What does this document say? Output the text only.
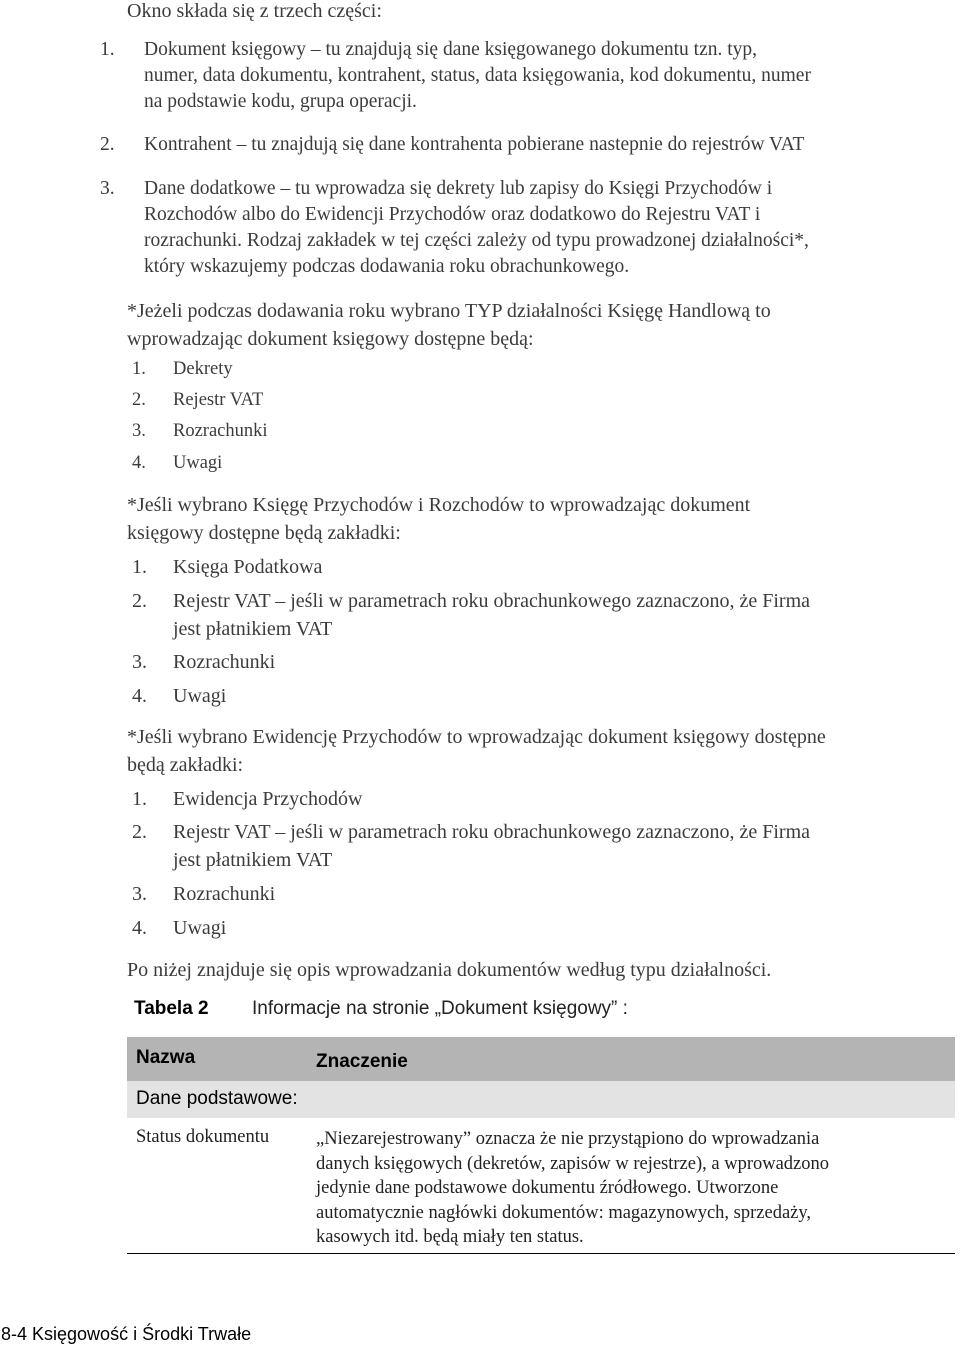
Okno składa się z trzech części:
1.	Dokument księgowy – tu znajdują się dane księgowanego dokumentu tzn. typ,
numer, data dokumentu, kontrahent, status, data księgowania, kod dokumentu, numer
na podstawie kodu, grupa operacji.
2.	Kontrahent – tu znajdują się dane kontrahenta pobierane nastepnie do rejestrów VAT
3.	Dane dodatkowe – tu wprowadza się dekrety lub zapisy do Księgi Przychodów i
Rozchodów albo do Ewidencji Przychodów oraz dodatkowo do Rejestru VAT i
rozrachunki. Rodzaj zakładek w tej części zależy od typu prowadzonej działalności*,
który wskazujemy podczas dodawania roku obrachunkowego.
*Jeżeli podczas dodawania roku wybrano TYP działalności Księgę Handlową to
wprowadzając dokument księgowy dostępne będą:
1. Dekrety
2. Rejestr VAT
3. Rozrachunki
4. Uwagi
*Jeśli wybrano Księgę Przychodów i Rozchodów to wprowadzając dokument
księgowy dostępne będą zakładki:
1. Księga Podatkowa
2. Rejestr VAT – jeśli w parametrach roku obrachunkowego zaznaczono, że Firma
jest płatnikiem VAT
3. Rozrachunki
4. Uwagi
*Jeśli wybrano Ewidencję Przychodów to wprowadzając dokument księgowy dostępne
będą zakładki:
1. Ewidencja Przychodów
2. Rejestr VAT – jeśli w parametrach roku obrachunkowego zaznaczono, że Firma
jest płatnikiem VAT
3. Rozrachunki
4. Uwagi
Po niżej znajduje się opis wprowadzania dokumentów według typu działalności.
Tabela 2 Informacje na stronie „Dokument księgowy” :
Nazwa	Znaczenie
Dane podstawowe:
Status dokumentu	„Niezarejestrowany” oznacza że nie przystąpiono do wprowadzania
danych księgowych (dekretów, zapisów w rejestrze), a wprowadzono
jedynie dane podstawowe dokumentu źródłowego. Utworzone
automatycznie nagłówki dokumentów: magazynowych, sprzedaży,
kasowych itd. będą miały ten status.
8-4 Księgowość i Środki Trwałe
